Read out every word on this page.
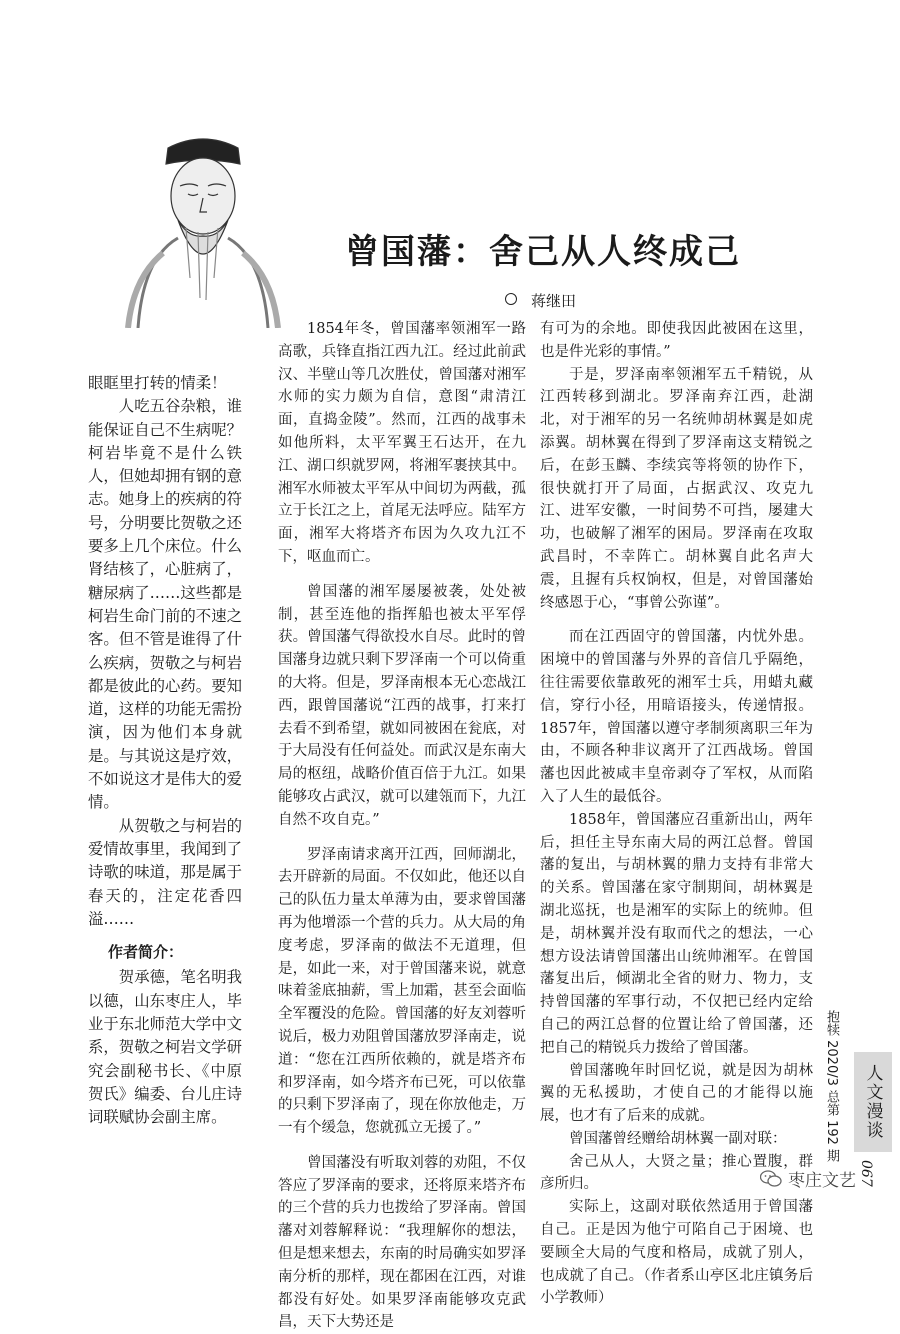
曾国藩：舍己从人终成己

蒋继田

眼眶里打转的情柔！

人吃五谷杂粮，谁能保证自己不生病呢？柯岩毕竟不是什么铁人，但她却拥有钢的意志。她身上的疾病的符号，分明要比贺敬之还要多上几个床位。什么肾结核了，心脏病了，糖尿病了……这些都是柯岩生命门前的不速之客。但不管是谁得了什么疾病，贺敬之与柯岩都是彼此的心药。要知道，这样的功能无需扮演，因为他们本身就是。与其说这是疗效，不如说这才是伟大的爱情。

从贺敬之与柯岩的爱情故事里，我闻到了诗歌的味道，那是属于春天的，注定花香四溢……

作者简介：

贺承德，笔名明我以德，山东枣庄人，毕业于东北师范大学中文系，贺敬之柯岩文学研究会副秘书长、《中原贺氏》编委、台儿庄诗词联赋协会副主席。

1854年冬，曾国藩率领湘军一路高歌，兵锋直指江西九江。经过此前武汉、半壁山等几次胜仗，曾国藩对湘军水师的实力颇为自信，意图“肃清江面，直捣金陵”。然而，江西的战事未如他所料，太平军翼王石达开，在九江、湖口织就罗网，将湘军裹挟其中。湘军水师被太平军从中间切为两截，孤立于长江之上，首尾无法呼应。陆军方面，湘军大将塔齐布因为久攻九江不下，呕血而亡。

曾国藩的湘军屡屡被袭，处处被制，甚至连他的指挥船也被太平军俘获。曾国藩气得欲投水自尽。此时的曾国藩身边就只剩下罗泽南一个可以倚重的大将。但是，罗泽南根本无心恋战江西，跟曾国藩说“江西的战事，打来打去看不到希望，就如同被困在瓮底，对于大局没有任何益处。而武汉是东南大局的枢纽，战略价值百倍于九江。如果能够攻占武汉，就可以建瓴而下，九江自然不攻自克。”

罗泽南请求离开江西，回师湖北，去开辟新的局面。不仅如此，他还以自己的队伍力量太单薄为由，要求曾国藩再为他增添一个营的兵力。从大局的角度考虑，罗泽南的做法不无道理，但是，如此一来，对于曾国藩来说，就意味着釜底抽薪，雪上加霜，甚至会面临全军覆没的危险。曾国藩的好友刘蓉听说后，极力劝阻曾国藩放罗泽南走，说道：“您在江西所依赖的，就是塔齐布和罗泽南，如今塔齐布已死，可以依靠的只剩下罗泽南了，现在你放他走，万一有个缓急，您就孤立无援了。”

曾国藩没有听取刘蓉的劝阻，不仅答应了罗泽南的要求，还将原来塔齐布的三个营的兵力也拨给了罗泽南。曾国藩对刘蓉解释说：“我理解你的想法，但是想来想去，东南的时局确实如罗泽南分析的那样，现在都困在江西，对谁都没有好处。如果罗泽南能够攻克武昌，天下大势还是

有可为的余地。即使我因此被困在这里，也是件光彩的事情。”

于是，罗泽南率领湘军五千精锐，从江西转移到湖北。罗泽南弃江西，赴湖北，对于湘军的另一名统帅胡林翼是如虎添翼。胡林翼在得到了罗泽南这支精锐之后，在彭玉麟、李续宾等将领的协作下，很快就打开了局面，占据武汉、攻克九江、进军安徽，一时间势不可挡，屡建大功，也破解了湘军的困局。罗泽南在攻取武昌时，不幸阵亡。胡林翼自此名声大震，且握有兵权饷权，但是，对曾国藩始终感恩于心，“事曾公弥谨”。

而在江西固守的曾国藩，内忧外患。困境中的曾国藩与外界的音信几乎隔绝，往往需要依靠敢死的湘军士兵，用蜡丸藏信，穿行小径，用暗语接头，传递情报。1857年，曾国藩以遵守孝制须离职三年为由，不顾各种非议离开了江西战场。曾国藩也因此被咸丰皇帝剥夺了军权，从而陷入了人生的最低谷。

1858年，曾国藩应召重新出山，两年后，担任主导东南大局的两江总督。曾国藩的复出，与胡林翼的鼎力支持有非常大的关系。曾国藩在家守制期间，胡林翼是湖北巡抚，也是湘军的实际上的统帅。但是，胡林翼并没有取而代之的想法，一心想方设法请曾国藩出山统帅湘军。在曾国藩复出后，倾湖北全省的财力、物力，支持曾国藩的军事行动，不仅把已经内定给自己的两江总督的位置让给了曾国藩，还把自己的精锐兵力拨给了曾国藩。

曾国藩晚年时回忆说，就是因为胡林翼的无私援助，才使自己的才能得以施展，也才有了后来的成就。

曾国藩曾经赠给胡林翼一副对联：

舍己从人，大贤之量；推心置腹，群彦所归。

实际上，这副对联依然适用于曾国藩自己。正是因为他宁可陷自己于困境、也要顾全大局的气度和格局，成就了别人，也成就了自己。（作者系山亭区北庄镇务后小学教师）

抱犊 2020/3 总第 192 期	人文漫谈
067
枣庄文艺
